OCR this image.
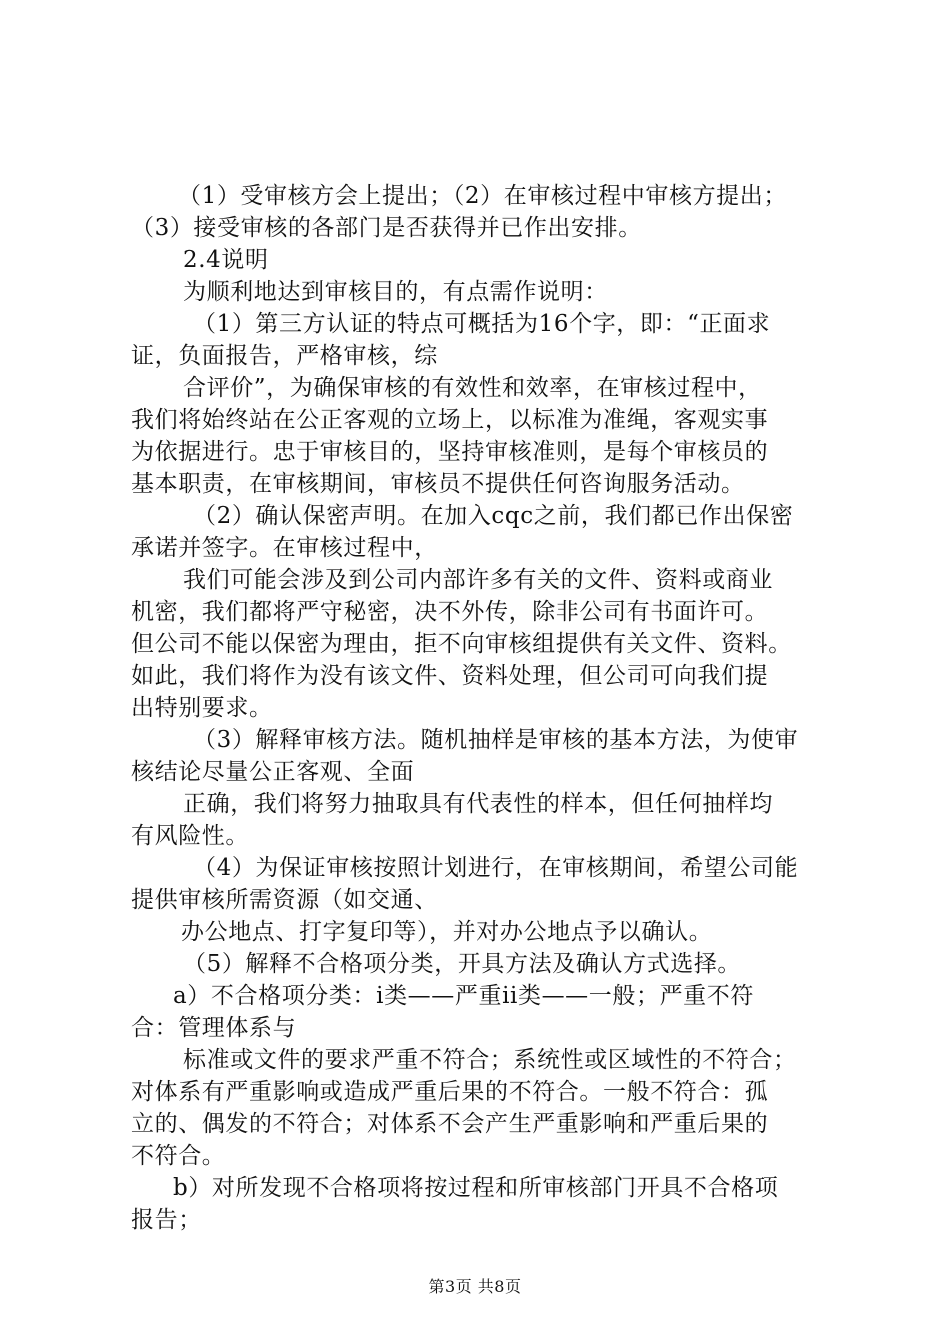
（1）受审核方会上提出；（2）在审核过程中审核方提出；
（3）接受审核的各部门是否获得并已作出安排。
2.4说明
为顺利地达到审核目的，有点需作说明：
（1）第三方认证的特点可概括为16个字，即：“正面求
证，负面报告，严格审核，综
合评价”，为确保审核的有效性和效率，在审核过程中，
我们将始终站在公正客观的立场上，以标准为准绳，客观实事
为依据进行。忠于审核目的，坚持审核准则，是每个审核员的
基本职责，在审核期间，审核员不提供任何咨询服务活动。
（2）确认保密声明。在加入cqc之前，我们都已作出保密
承诺并签字。在审核过程中，
我们可能会涉及到公司内部许多有关的文件、资料或商业
机密，我们都将严守秘密，决不外传，除非公司有书面许可。
但公司不能以保密为理由，拒不向审核组提供有关文件、资料。
如此，我们将作为没有该文件、资料处理，但公司可向我们提
出特别要求。
（3）解释审核方法。随机抽样是审核的基本方法，为使审
核结论尽量公正客观、全面
正确，我们将努力抽取具有代表性的样本，但任何抽样均
有风险性。
（4）为保证审核按照计划进行，在审核期间，希望公司能
提供审核所需资源（如交通、
办公地点、打字复印等），并对办公地点予以确认。
（5）解释不合格项分类，开具方法及确认方式选择。
a）不合格项分类：i类——严重ii类——一般；严重不符
合：管理体系与
标准或文件的要求严重不符合；系统性或区域性的不符合；
对体系有严重影响或造成严重后果的不符合。一般不符合：孤
立的、偶发的不符合；对体系不会产生严重影响和严重后果的
不符合。
b）对所发现不合格项将按过程和所审核部门开具不合格项
报告；
第3页 共8页
